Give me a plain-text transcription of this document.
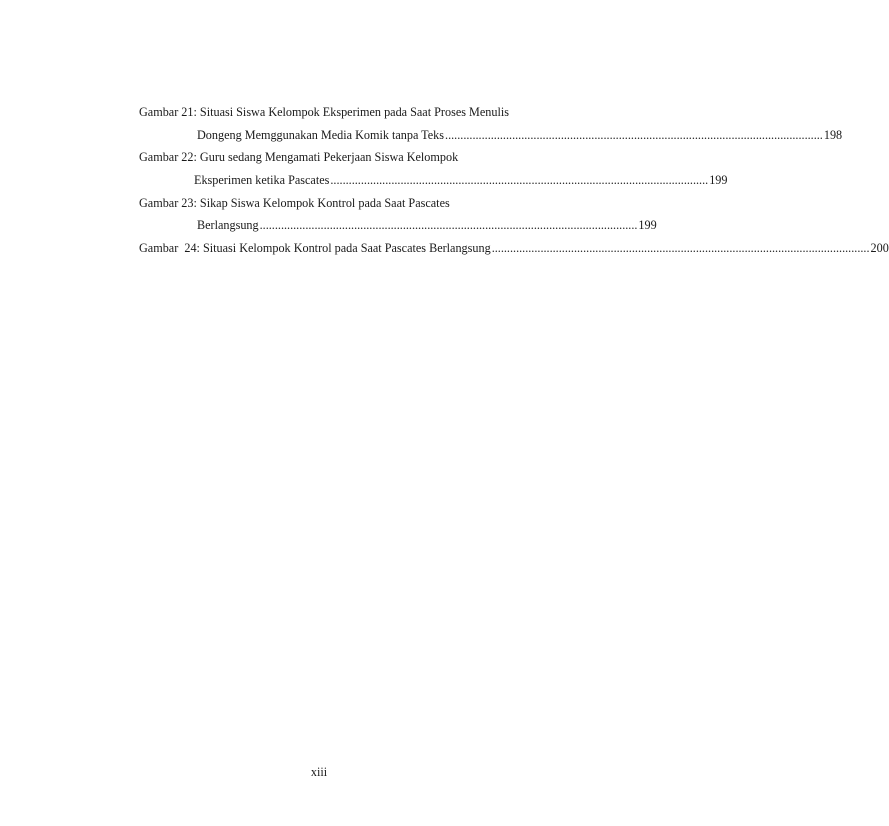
Gambar 21: Situasi Siswa Kelompok Eksperimen pada Saat Proses Menulis
Dongeng Memggunakan Media Komik tanpa Teks ............................................................................................................................ 198
Gambar 22: Guru sedang Mengamati Pekerjaan Siswa Kelompok
Eksperimen ketika Pascates ............................................................................................................................ 199
Gambar 23: Sikap Siswa Kelompok Kontrol pada Saat Pascates
Berlangsung ............................................................................................................................ 199
Gambar  24: Situasi Kelompok Kontrol pada Saat Pascates Berlangsung ............................................................................................................................ 200
xiii
